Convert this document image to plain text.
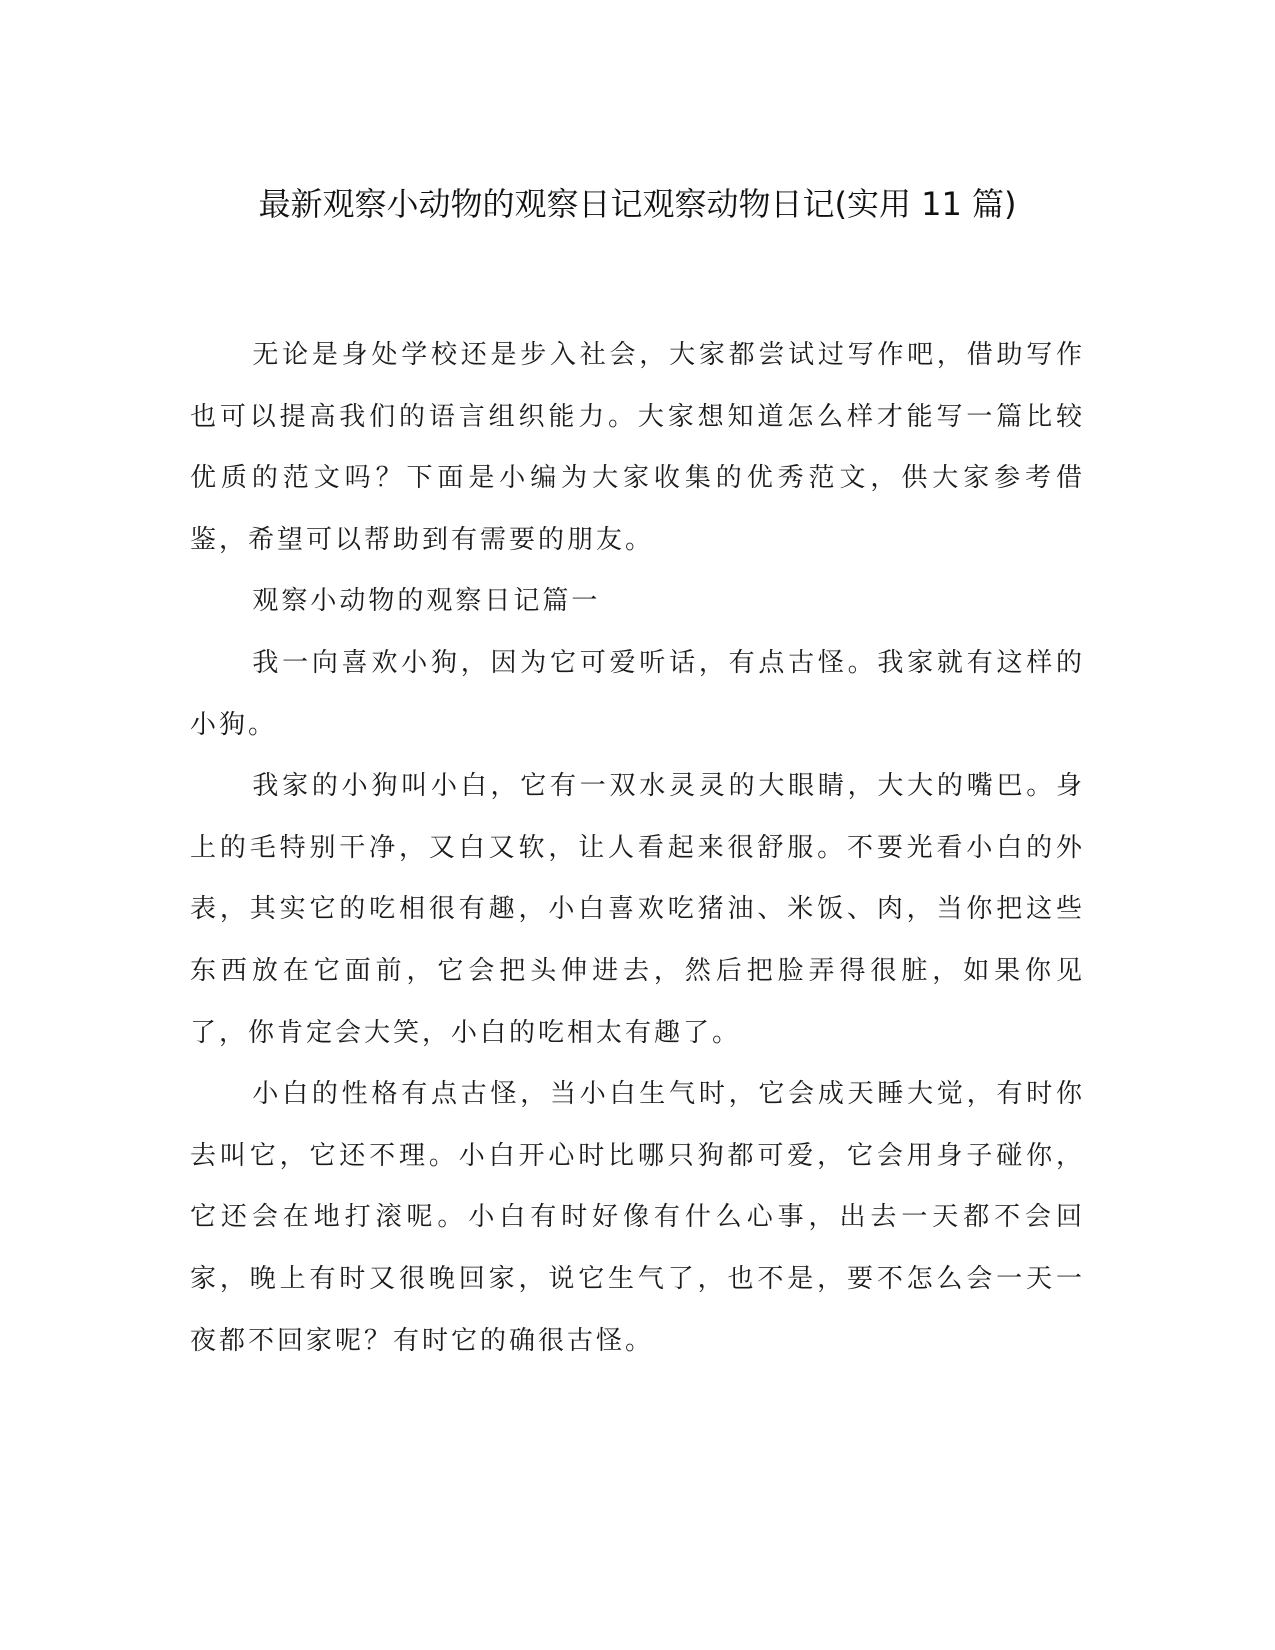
最新观察小动物的观察日记观察动物日记(实用 11 篇)

无论是身处学校还是步入社会，大家都尝试过写作吧，借助写作也可以提高我们的语言组织能力。大家想知道怎么样才能写一篇比较优质的范文吗？下面是小编为大家收集的优秀范文，供大家参考借鉴，希望可以帮助到有需要的朋友。

观察小动物的观察日记篇一

我一向喜欢小狗，因为它可爱听话，有点古怪。我家就有这样的小狗。

我家的小狗叫小白，它有一双水灵灵的大眼睛，大大的嘴巴。身上的毛特别干净，又白又软，让人看起来很舒服。不要光看小白的外表，其实它的吃相很有趣，小白喜欢吃猪油、米饭、肉，当你把这些东西放在它面前，它会把头伸进去，然后把脸弄得很脏，如果你见了，你肯定会大笑，小白的吃相太有趣了。

小白的性格有点古怪，当小白生气时，它会成天睡大觉，有时你去叫它，它还不理。小白开心时比哪只狗都可爱，它会用身子碰你，它还会在地打滚呢。小白有时好像有什么心事，出去一天都不会回家，晚上有时又很晚回家，说它生气了，也不是，要不怎么会一天一夜都不回家呢？有时它的确很古怪。
